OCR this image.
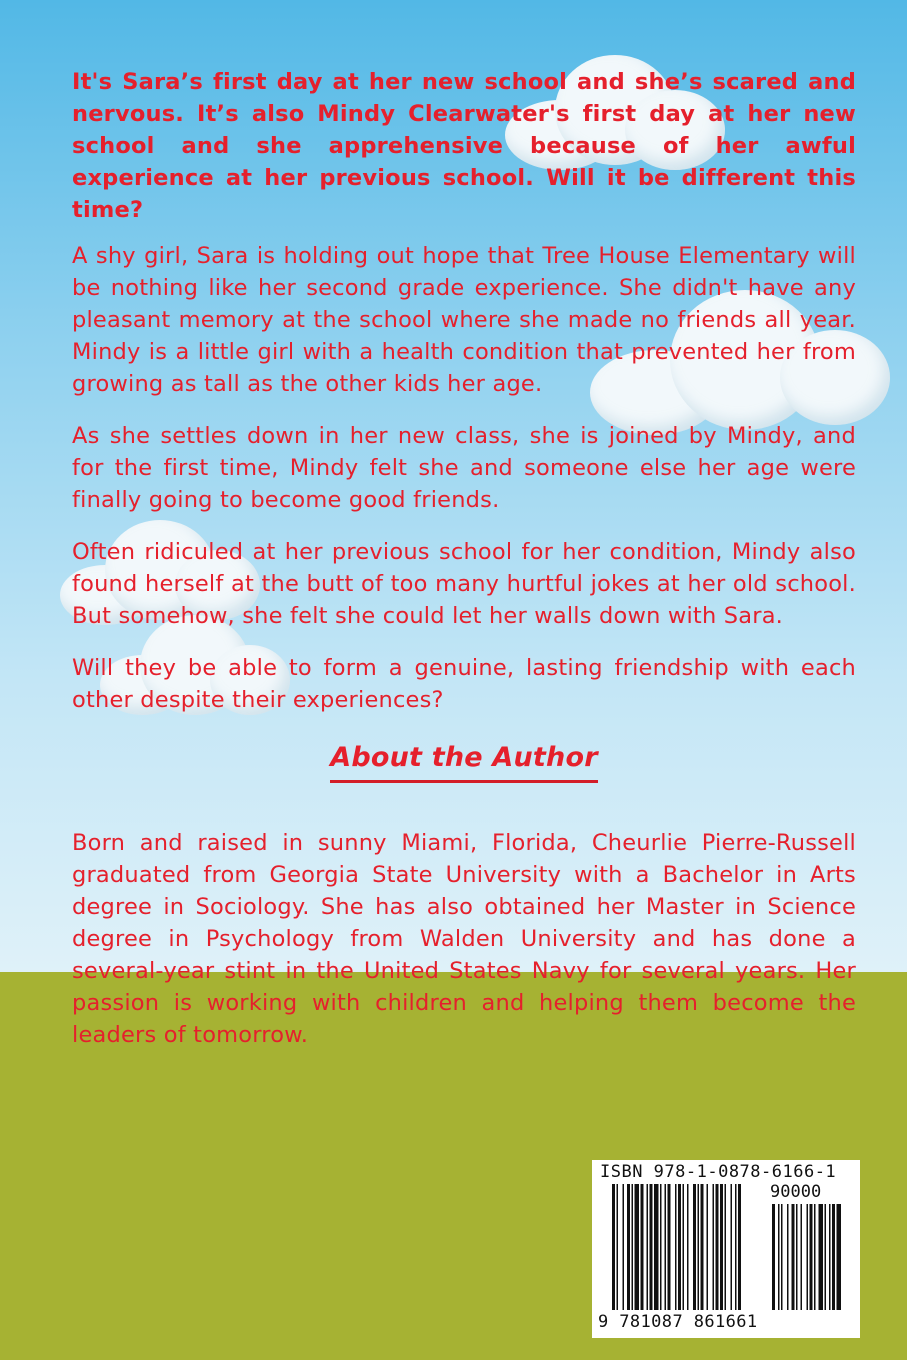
It's Sara’s first day at her new school and she’s scared and nervous. It’s also Mindy Clearwater's first day at her new school and she apprehensive because of her awful experience at her previous school. Will it be different this time?

A shy girl, Sara is holding out hope that Tree House Elementary will be nothing like her second grade experience. She didn't have any pleasant memory at the school where she made no friends all year. Mindy is a little girl with a health condition that prevented her from growing as tall as the other kids her age.

As she settles down in her new class, she is joined by Mindy, and for the first time, Mindy felt she and someone else her age were finally going to become good friends.

Often ridiculed at her previous school for her condition, Mindy also found herself at the butt of too many hurtful jokes at her old school. But somehow, she felt she could let her walls down with Sara.

Will they be able to form a genuine, lasting friendship with each other despite their experiences?

About the Author

Born and raised in sunny Miami, Florida, Cheurlie Pierre-Russell graduated from Georgia State University with a Bachelor in Arts degree in Sociology. She has also obtained her Master in Science degree in Psychology from Walden University and has done a several-year stint in the United States Navy for several years. Her passion is working with children and helping them become the leaders of tomorrow.

ISBN 978-1-0878-6166-1
90000
9 781087 861661
